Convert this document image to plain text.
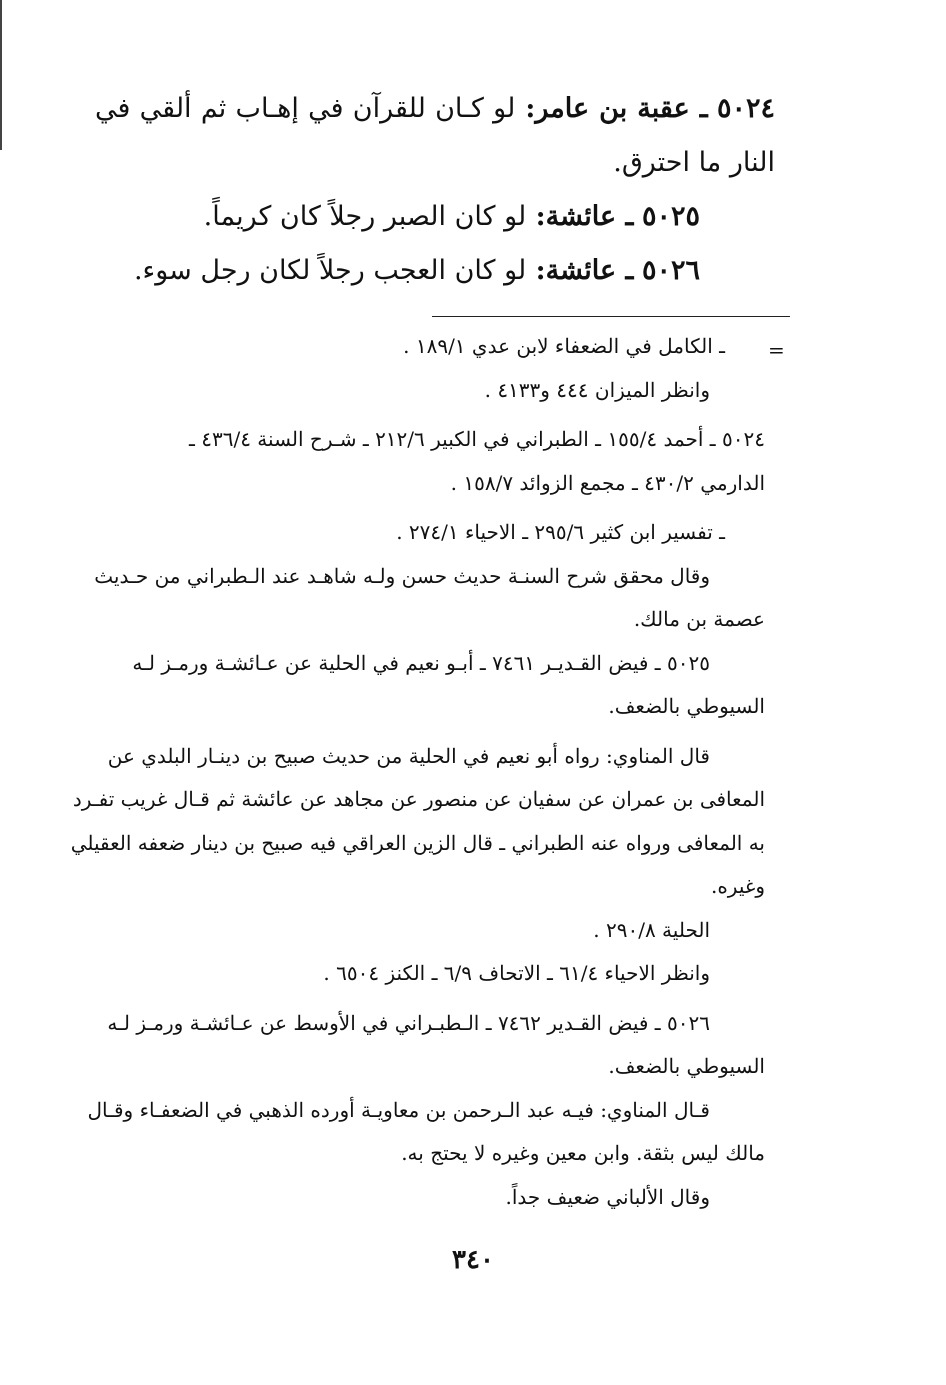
٥٠٢٤ ـ عقبة بن عامر: لو كـان للقرآن في إهـاب ثم ألقي في النار ما احترق.
٥٠٢٥ ـ عائشة: لو كان الصبر رجلاً كان كريماً.
٥٠٢٦ ـ عائشة: لو كان العجب رجلاً لكان رجل سوء.
=
ـ الكامل في الضعفاء لابن عدي ١٨٩/١ .
وانظر الميزان ٤٤٤ و٤١٣٣ .
٥٠٢٤ ـ أحمد ١٥٥/٤ ـ الطبراني في الكبير ٢١٢/٦ ـ شـرح السنة ٤٣٦/٤ ـ
الدارمي ٤٣٠/٢ ـ مجمع الزوائد ١٥٨/٧ .
ـ تفسير ابن كثير ٢٩٥/٦ ـ الاحياء ٢٧٤/١ .
وقال محقق شرح السنـة حديث حسن ولـه شاهـد عند الـطبراني من حـديث
عصمة بن مالك.
٥٠٢٥ ـ فيض القـديـر ٧٤٦١ ـ أبـو نعيم في الحلية عن عـائشـة ورمـز لـه
السيوطي بالضعف.
قال المناوي: رواه أبو نعيم في الحلية من حديث صبيح بن دينـار البلدي عن
المعافى بن عمران عن سفيان عن منصور عن مجاهد عن عائشة ثم قـال غريب تفـرد
به المعافى ورواه عنه الطبراني ـ قال الزين العراقي فيه صبيح بن دينار ضعفه العقيلي
وغيره.
الحلية ٢٩٠/٨ .
وانظر الاحياء ٦١/٤ ـ الاتحاف ٦/٩ ـ الكنز ٦٥٠٤ .
٥٠٢٦ ـ فيض القـدير ٧٤٦٢ ـ الـطبـراني في الأوسط عن عـائشـة ورمـز لـه
السيوطي بالضعف.
قـال المناوي: فيـه عبد الـرحمن بن معاويـة أورده الذهبي في الضعفـاء وقـال
مالك ليس بثقة. وابن معين وغيره لا يحتج به.
وقال الألباني ضعيف جداً.
٣٤٠
